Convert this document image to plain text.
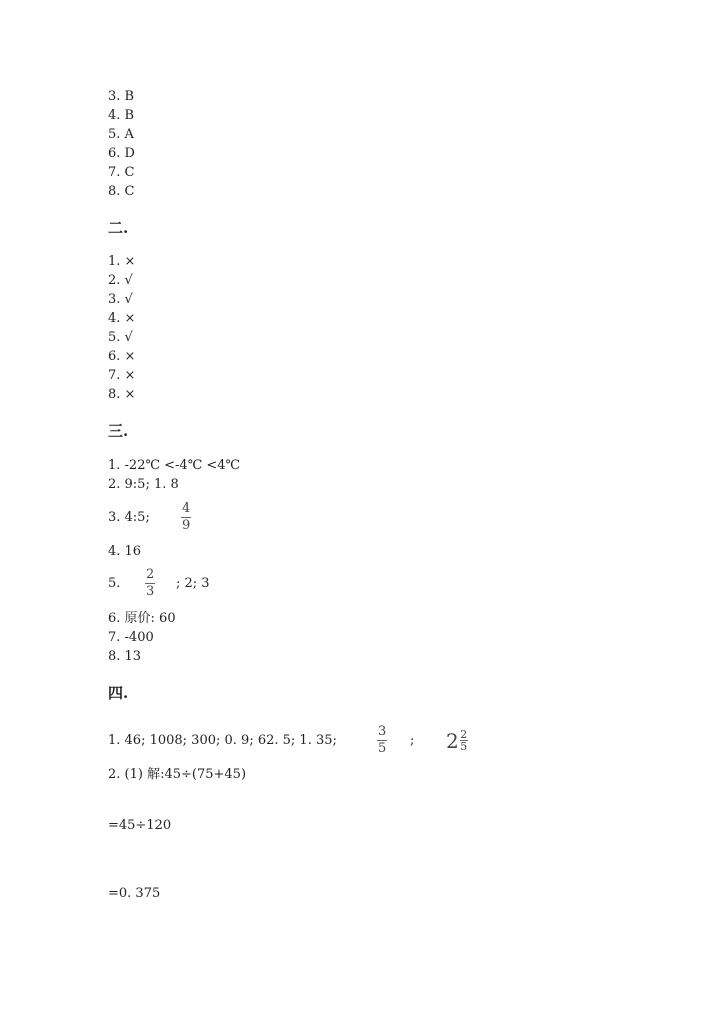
3. B
4. B
5. A
6. D
7. C
8. C
二.
1. ×
2. √
3. √
4. ×
5. √
6. ×
7. ×
8. ×
三.
1. -22℃ <-4℃ <4℃
2. 9:5; 1. 8
3. 4:5;
4
9
4. 16
5.
2
3
; 2; 3
6. 原价: 60
7. -400
8. 13
四.
1. 46; 1008; 300; 0. 9; 62. 5; 1. 35;
3
5
; $2 \frac{2}{5}$
2. (1) 解:45÷(75+45)
=45÷120
=0. 375
